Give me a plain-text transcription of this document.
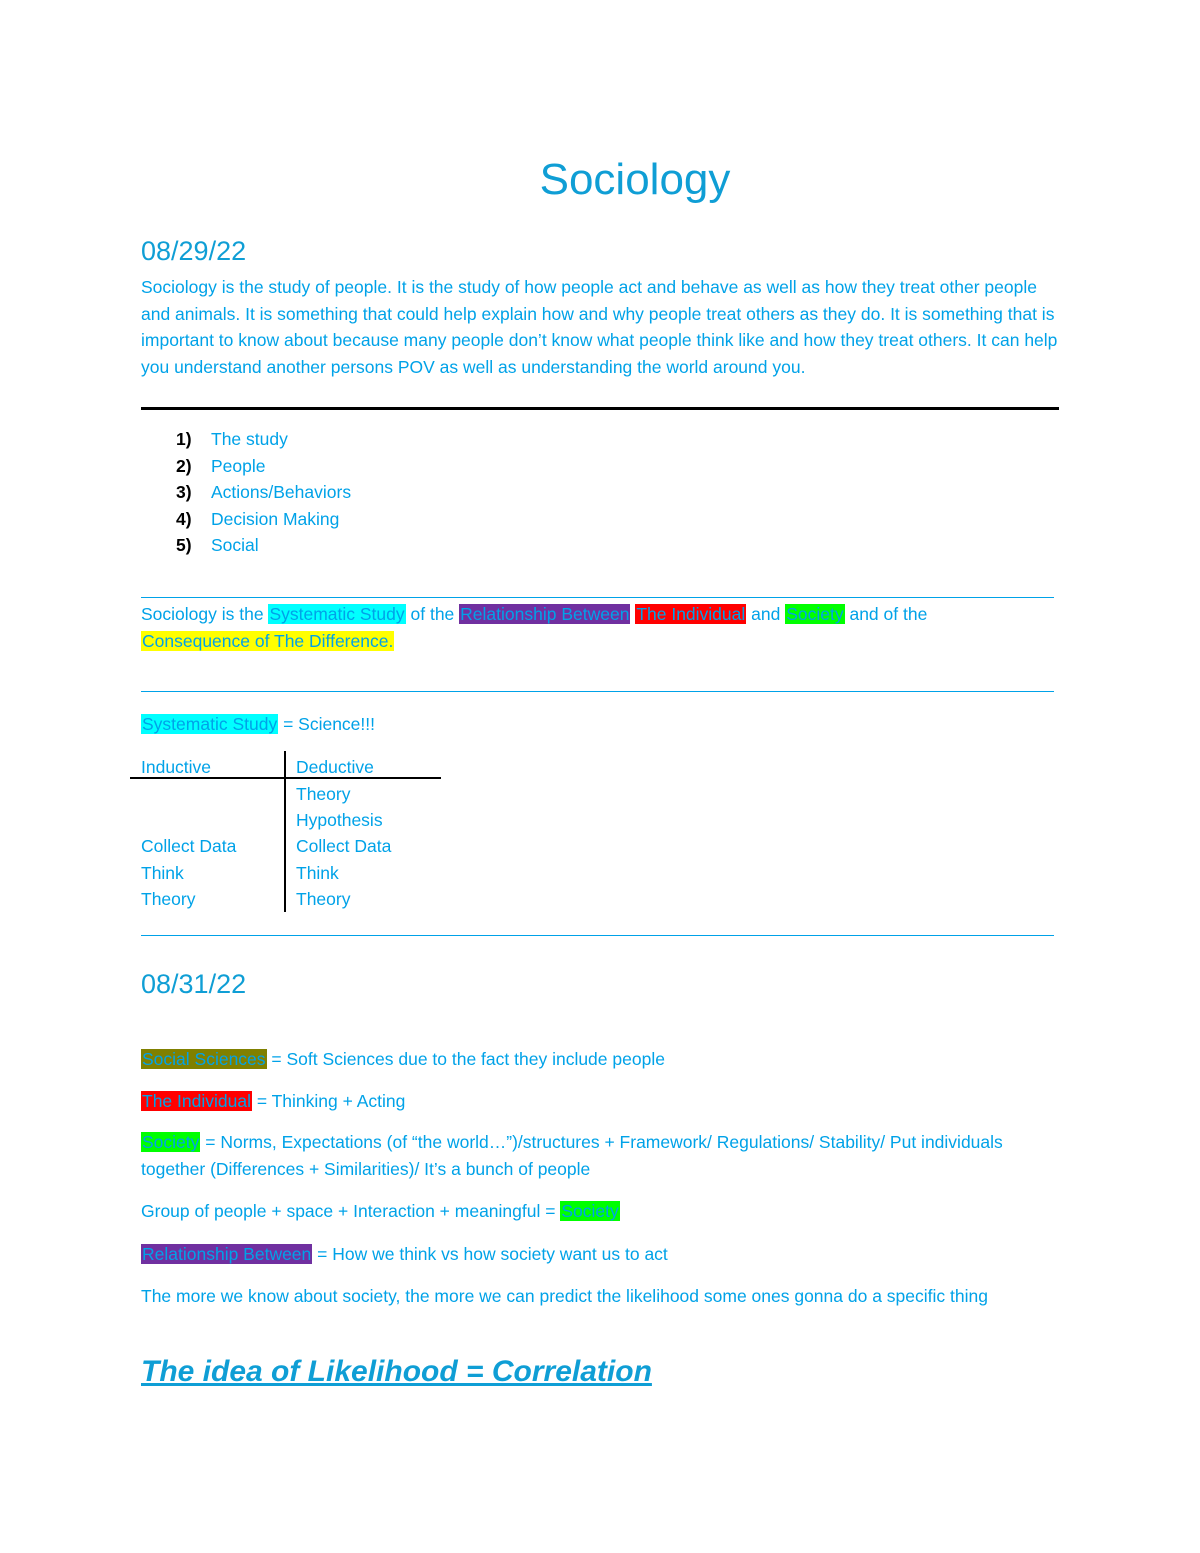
Sociology
08/29/22

Sociology is the study of people. It is the study of how people act and behave as well as how they treat other people and animals. It is something that could help explain how and why people treat others as they do. It is something that is important to know about because many people don’t know what people think like and how they treat others. It can help you understand another persons POV as well as understanding the world around you.

1) The study
2) People
3) Actions/Behaviors
4) Decision Making
5) Social

Sociology is the Systematic Study of the Relationship Between The Individual and Society and of the
Consequence of The Difference.

Systematic Study = Science!!!

Inductive	Deductive
Theory
Hypothesis
Collect Data
Think
Theory
Collect Data
Think
Theory
08/31/22

Social Sciences = Soft Sciences due to the fact they include people

The Individual = Thinking + Acting

Society = Norms, Expectations (of “the world…”)/structures + Framework/ Regulations/ Stability/ Put individuals together (Differences + Similarities)/ It’s a bunch of people

Group of people + space + Interaction + meaningful = Society

Relationship Between = How we think vs how society want us to act

The more we know about society, the more we can predict the likelihood some ones gonna do a specific thing

The idea of Likelihood = Correlation
